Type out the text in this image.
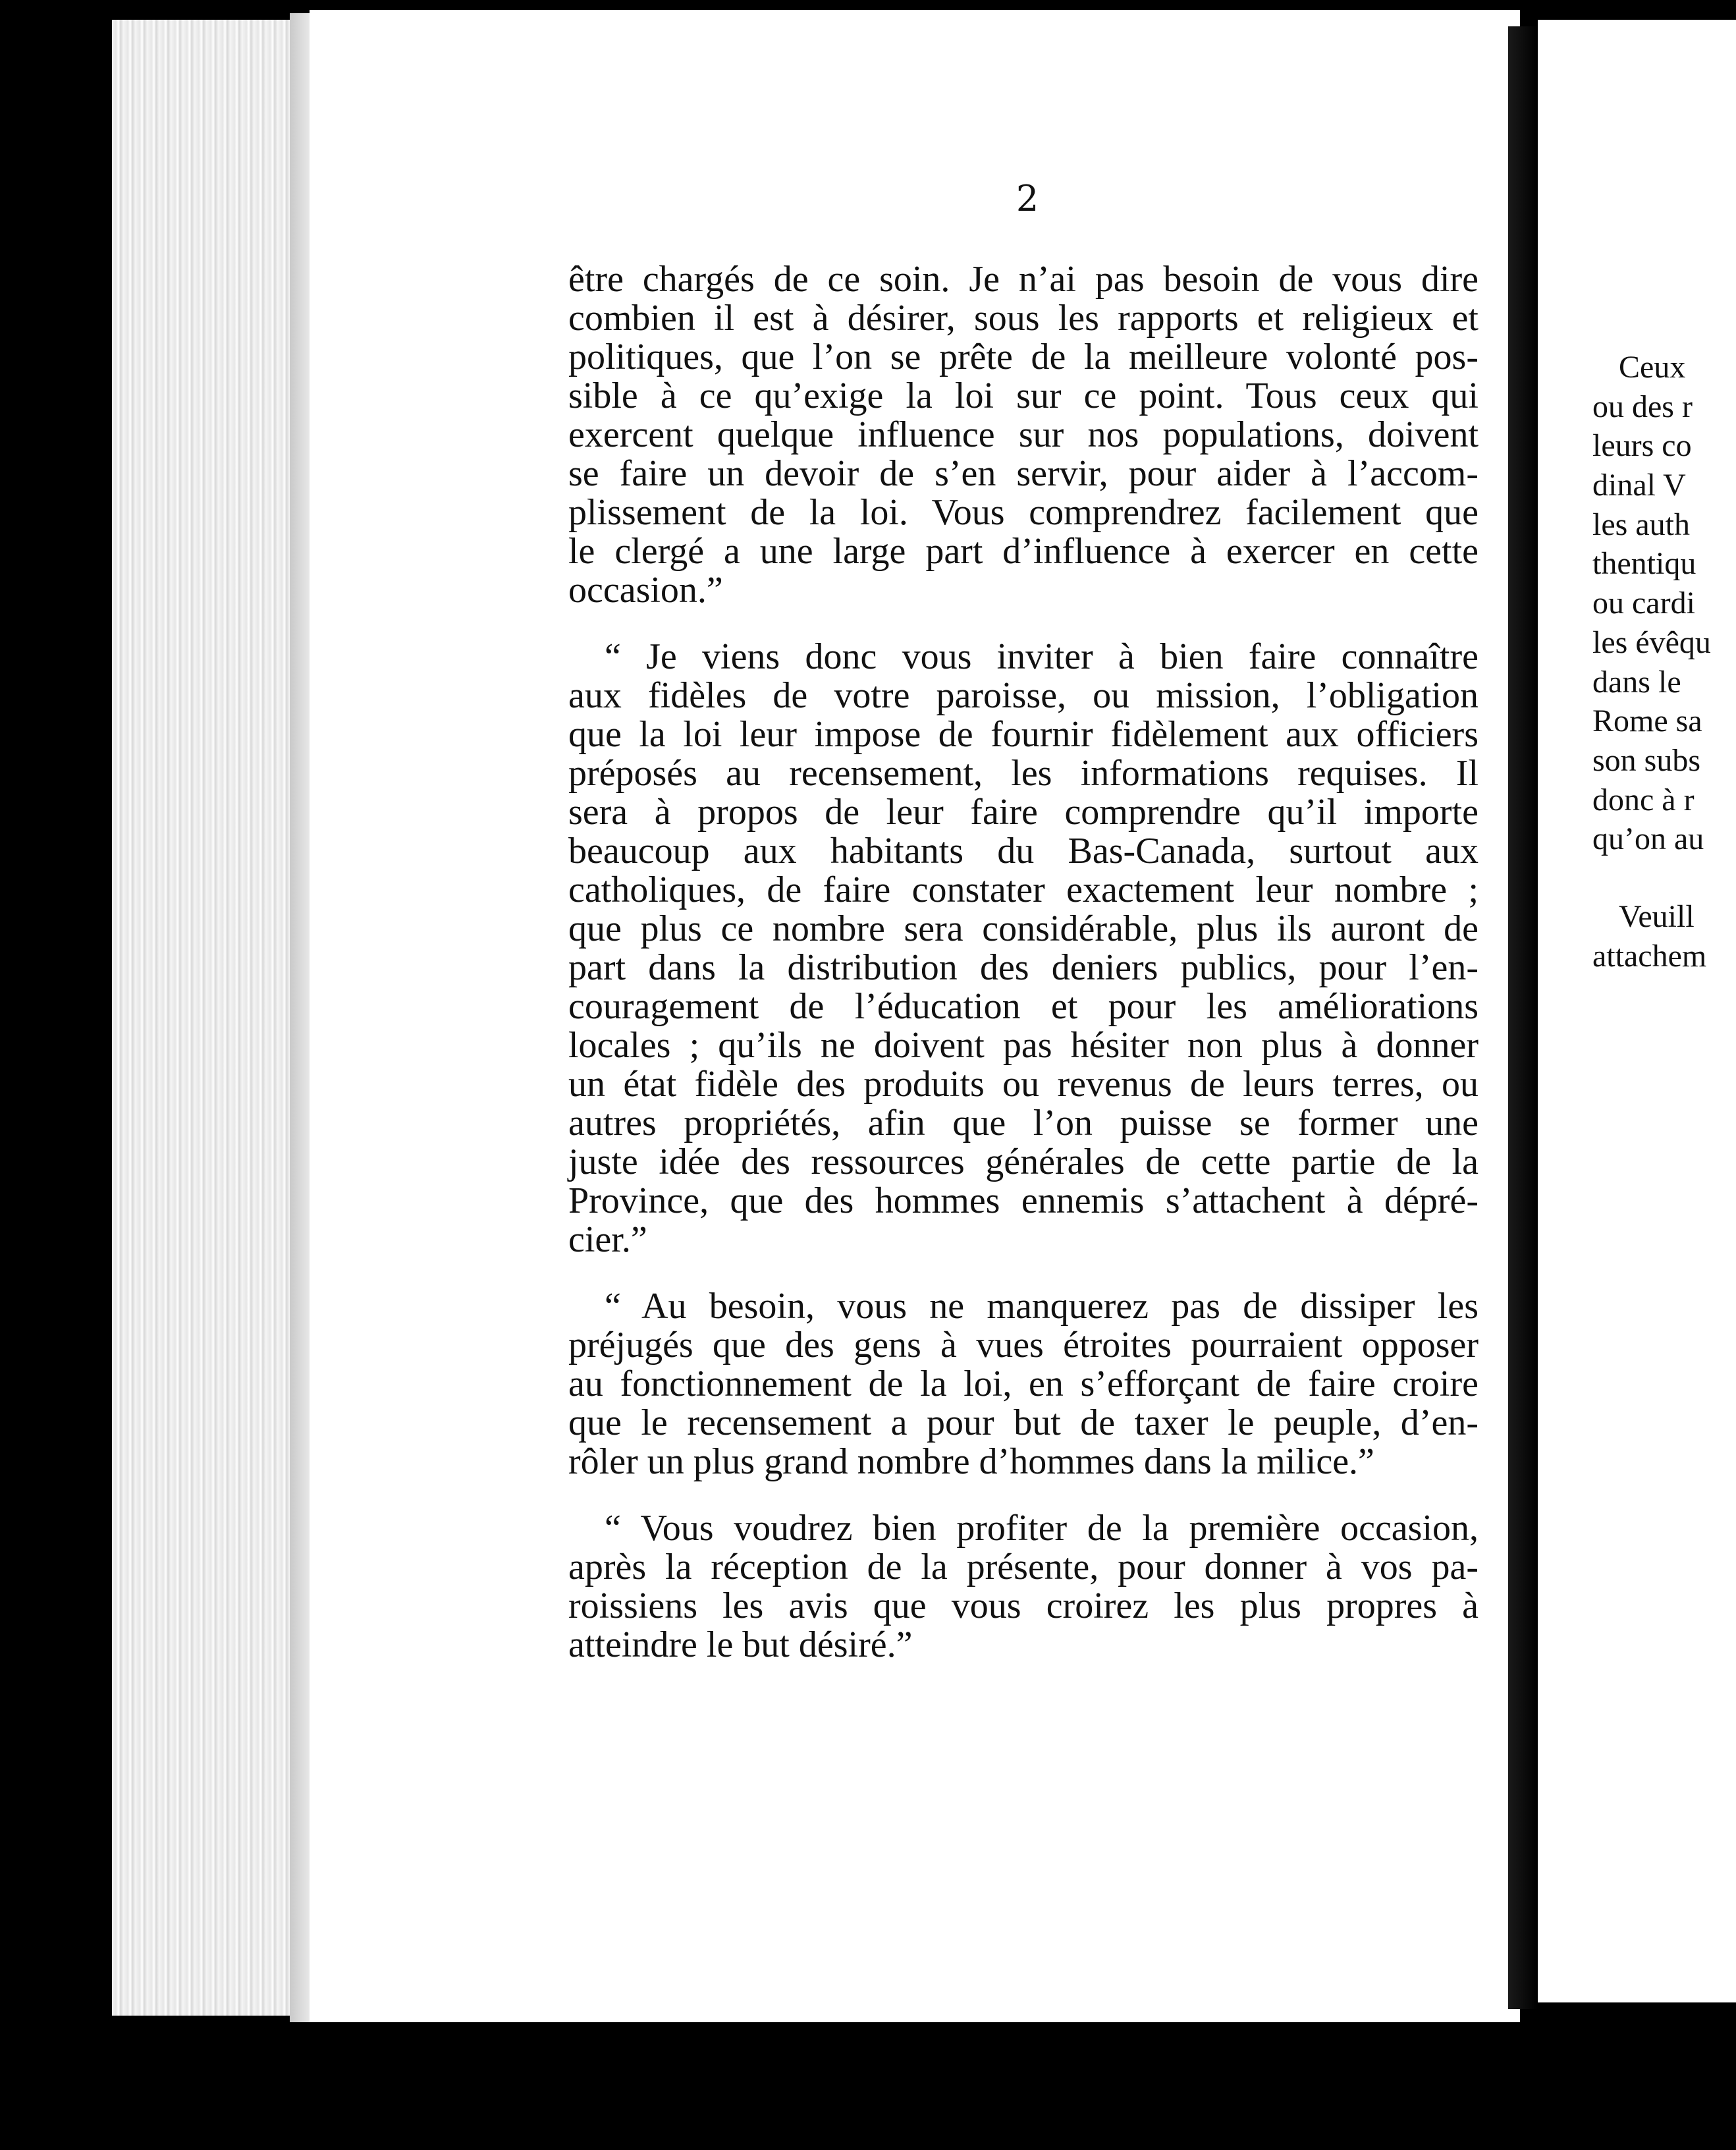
2
être chargés de ce soin. Je n’ai pas besoin de vous dire
combien il est à désirer, sous les rapports et religieux et
politiques, que l’on se prête de la meilleure volonté pos-
sible à ce qu’exige la loi sur ce point. Tous ceux qui
exercent quelque influence sur nos populations, doivent
se faire un devoir de s’en servir, pour aider à l’accom-
plissement de la loi. Vous comprendrez facilement que
le clergé a une large part d’influence à exercer en cette
occasion.”
“ Je viens donc vous inviter à bien faire connaître
aux fidèles de votre paroisse, ou mission, l’obligation
que la loi leur impose de fournir fidèlement aux officiers
préposés au recensement, les informations requises. Il
sera à propos de leur faire comprendre qu’il importe
beaucoup aux habitants du Bas-Canada, surtout aux
catholiques, de faire constater exactement leur nombre ;
que plus ce nombre sera considérable, plus ils auront de
part dans la distribution des deniers publics, pour l’en-
couragement de l’éducation et pour les améliorations
locales ; qu’ils ne doivent pas hésiter non plus à donner
un état fidèle des produits ou revenus de leurs terres, ou
autres propriétés, afin que l’on puisse se former une
juste idée des ressources générales de cette partie de la
Province, que des hommes ennemis s’attachent à dépré-
cier.”
“ Au besoin, vous ne manquerez pas de dissiper les
préjugés que des gens à vues étroites pourraient opposer
au fonctionnement de la loi, en s’efforçant de faire croire
que le recensement a pour but de taxer le peuple, d’en-
rôler un plus grand nombre d’hommes dans la milice.”
“ Vous voudrez bien profiter de la première occasion,
après la réception de la présente, pour donner à vos pa-
roissiens les avis que vous croirez les plus propres à
atteindre le but désiré.”
Ceux
ou des r
leurs co
dinal V
les auth
thentiqu
ou cardi
les évêqu
dans le
Rome sa
son subs
donc à r
qu’on au
Veuill
attachem
